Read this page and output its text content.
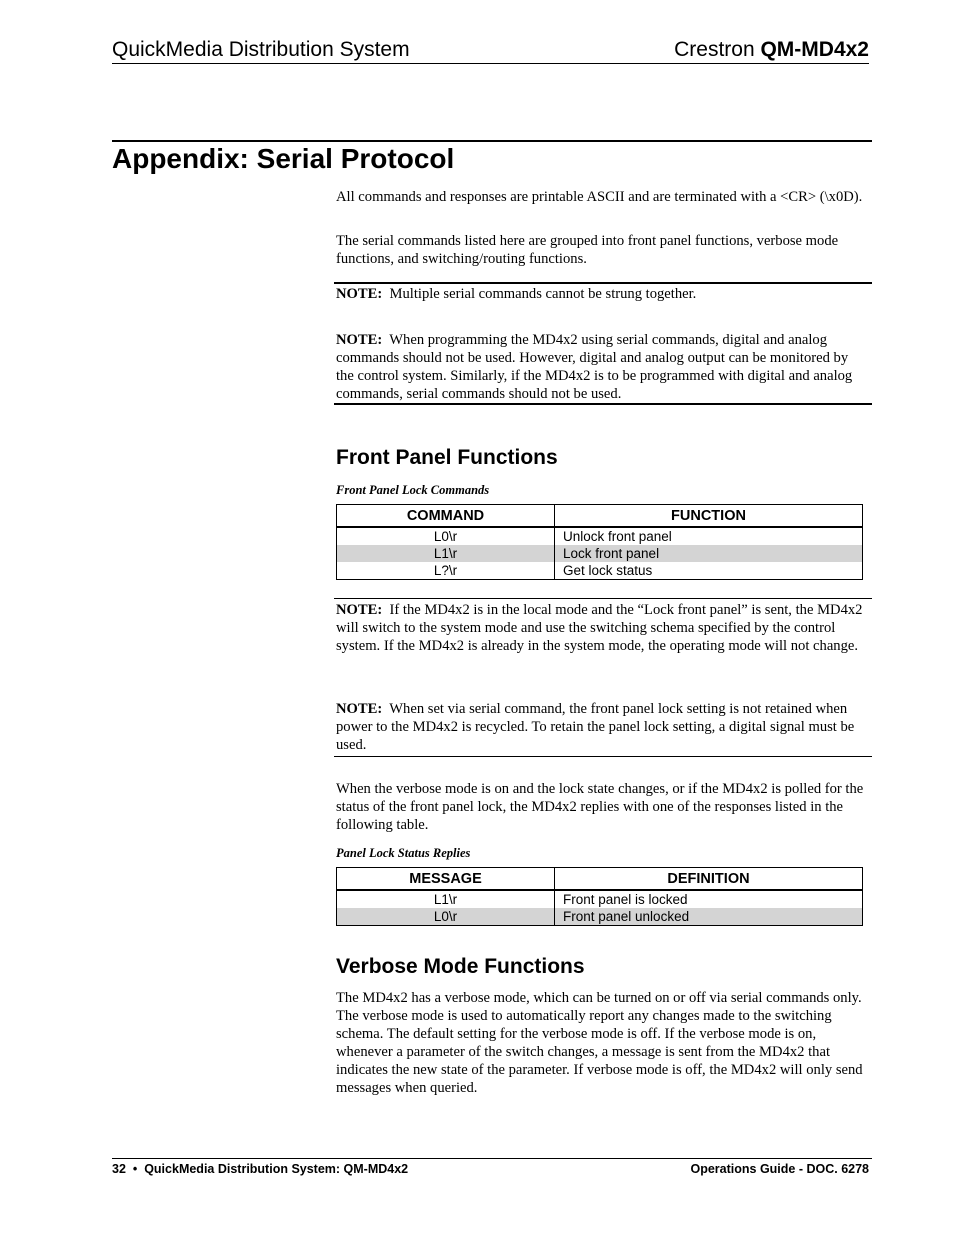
QuickMedia Distribution System	Crestron QM-MD4x2
Appendix: Serial Protocol
All commands and responses are printable ASCII and are terminated with a <CR> (\x0D).
The serial commands listed here are grouped into front panel functions, verbose mode functions, and switching/routing functions.
NOTE: Multiple serial commands cannot be strung together.
NOTE: When programming the MD4x2 using serial commands, digital and analog commands should not be used. However, digital and analog output can be monitored by the control system. Similarly, if the MD4x2 is to be programmed with digital and analog commands, serial commands should not be used.
Front Panel Functions
Front Panel Lock Commands
COMMAND	FUNCTION
L0\r	Unlock front panel
L1\r	Lock front panel
L?\r	Get lock status
NOTE: If the MD4x2 is in the local mode and the “Lock front panel” is sent, the MD4x2 will switch to the system mode and use the switching schema specified by the control system. If the MD4x2 is already in the system mode, the operating mode will not change.
NOTE: When set via serial command, the front panel lock setting is not retained when power to the MD4x2 is recycled. To retain the panel lock setting, a digital signal must be used.
When the verbose mode is on and the lock state changes, or if the MD4x2 is polled for the status of the front panel lock, the MD4x2 replies with one of the responses listed in the following table.
Panel Lock Status Replies
MESSAGE	DEFINITION
L1\r	Front panel is locked
L0\r	Front panel unlocked
Verbose Mode Functions
The MD4x2 has a verbose mode, which can be turned on or off via serial commands only. The verbose mode is used to automatically report any changes made to the switching schema. The default setting for the verbose mode is off. If the verbose mode is on, whenever a parameter of the switch changes, a message is sent from the MD4x2 that indicates the new state of the parameter. If verbose mode is off, the MD4x2 will only send messages when queried.
32 • QuickMedia Distribution System: QM-MD4x2	Operations Guide - DOC. 6278
